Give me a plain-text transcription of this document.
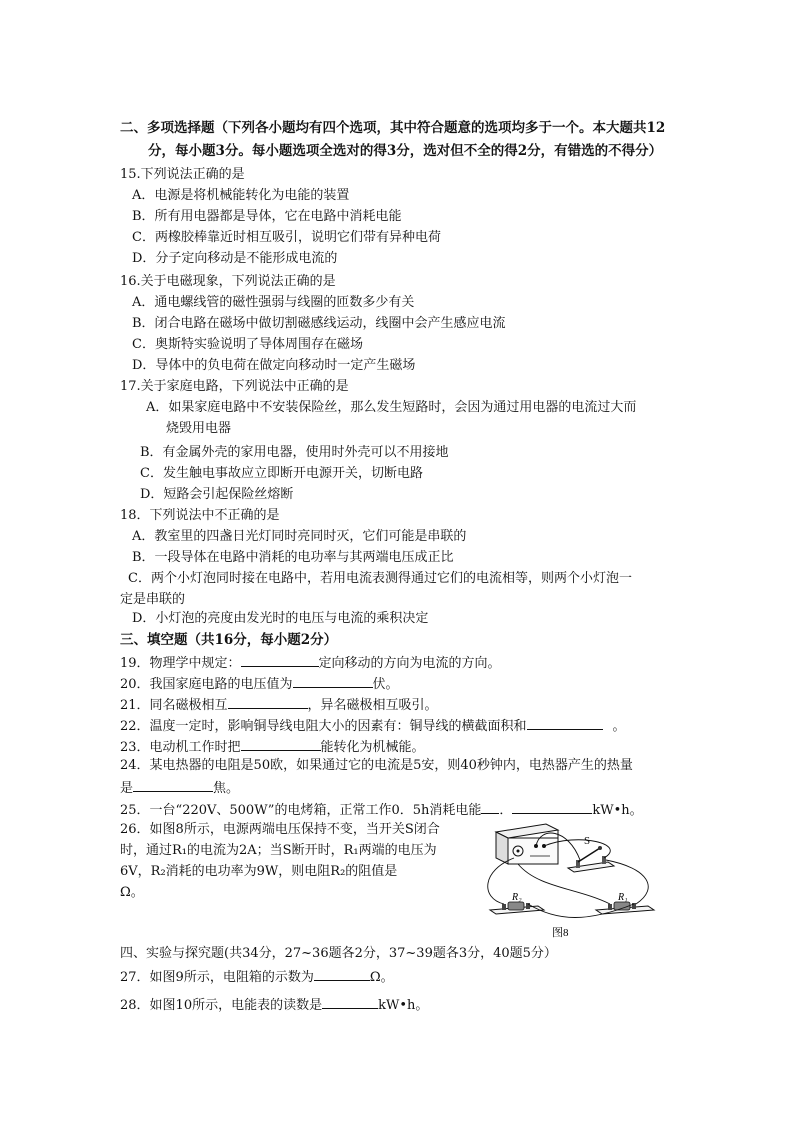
二、多项选择题（下列各小题均有四个选项，其中符合题意的选项均多于一个。本大题共12
分，每小题3分。每小题选项全选对的得3分，选对但不全的得2分，有错选的不得分）
15.下列说法正确的是
A．电源是将机械能转化为电能的装置
B．所有用电器都是导体，它在电路中消耗电能
C．两橡胶棒靠近时相互吸引，说明它们带有异种电荷
D．分子定向移动是不能形成电流的
16.关于电磁现象，下列说法正确的是
A．通电螺线管的磁性强弱与线圈的匝数多少有关
B．闭合电路在磁场中做切割磁感线运动，线圈中会产生感应电流
C．奥斯特实验说明了导体周围存在磁场
D．导体中的负电荷在做定向移动时一定产生磁场
17.关于家庭电路，下列说法中正确的是
A．如果家庭电路中不安装保险丝，那么发生短路时，会因为通过用电器的电流过大而
烧毁用电器
B．有金属外壳的家用电器，使用时外壳可以不用接地
C．发生触电事故应立即断开电源开关，切断电路
D．短路会引起保险丝熔断
18．下列说法中不正确的是
A．教室里的四盏日光灯同时亮同时灭，它们可能是串联的
B．一段导体在电路中消耗的电功率与其两端电压成正比
C．两个小灯泡同时接在电路中，若用电流表测得通过它们的电流相等，则两个小灯泡一
定是串联的
D．小灯泡的亮度由发光时的电压与电流的乘积决定
三、填空题（共16分，每小题2分）
19．物理学中规定：	定向移动的方向为电流的方向。
20．我国家庭电路的电压值为	伏。
21．同名磁极相互	，异名磁极相互吸引。
22．温度一定时，影响铜导线电阻大小的因素有：铜导线的横截面积和	。
23．电动机工作时把	能转化为机械能。
24．某电热器的电阻是50欧，如果通过它的电流是5安，则40秒钟内，电热器产生的热量
是	焦。
25．一台“220V、500W”的电烤箱，正常工作0．5h消耗电能 ．	kW•h。
26．如图8所示，电源两端电压保持不变，当开关S闭合
时，通过R₁的电流为2A；当S断开时，R₁两端的电压为
6V，R₂消耗的电功率为9W，则电阻R₂的阻值是
Ω。
S
R₂	R₁
图8
四、实验与探究题(共34分，27~36题各2分，37~39题各3分，40题5分）
27．如图9所示，电阻箱的示数为	Ω。
28．如图10所示，电能表的读数是	kW•h。
